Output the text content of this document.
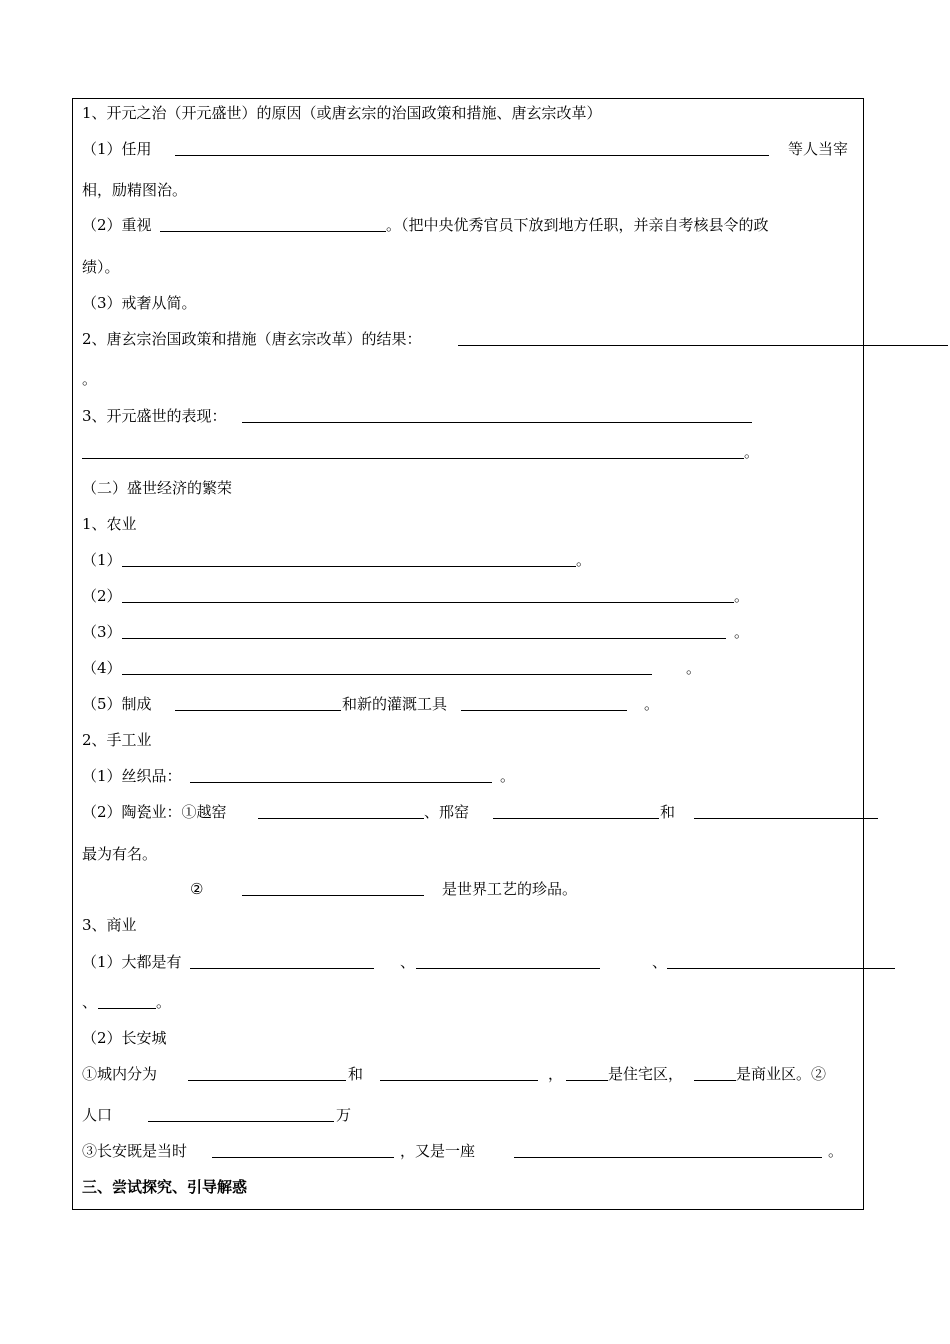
1、开元之治（开元盛世）的原因（或唐玄宗的治国政策和措施、唐玄宗改革）
（1）任用	等人当宰
相，励精图治。
（2）重视	。（把中央优秀官员下放到地方任职，并亲自考核县令的政
绩）。
（3）戒奢从简。
2、唐玄宗治国政策和措施（唐玄宗改革）的结果：
。
3、开元盛世的表现：
。
（二）盛世经济的繁荣
1、农业
（1）	。
（2）	。
（3）	。
（4）	。
（5）制成	和新的灌溉工具	。
2、手工业
（1）丝织品：	。
（2）陶瓷业：①越窑	、邢窑	和
最为有名。
②	是世界工艺的珍品。
3、商业
（1）大都是有	、	、
、	。
（2）长安城
①城内分为	和	，	是住宅区，	是商业区。②
人口	万
③长安既是当时	，又是一座	。
三、尝试探究、引导解惑
